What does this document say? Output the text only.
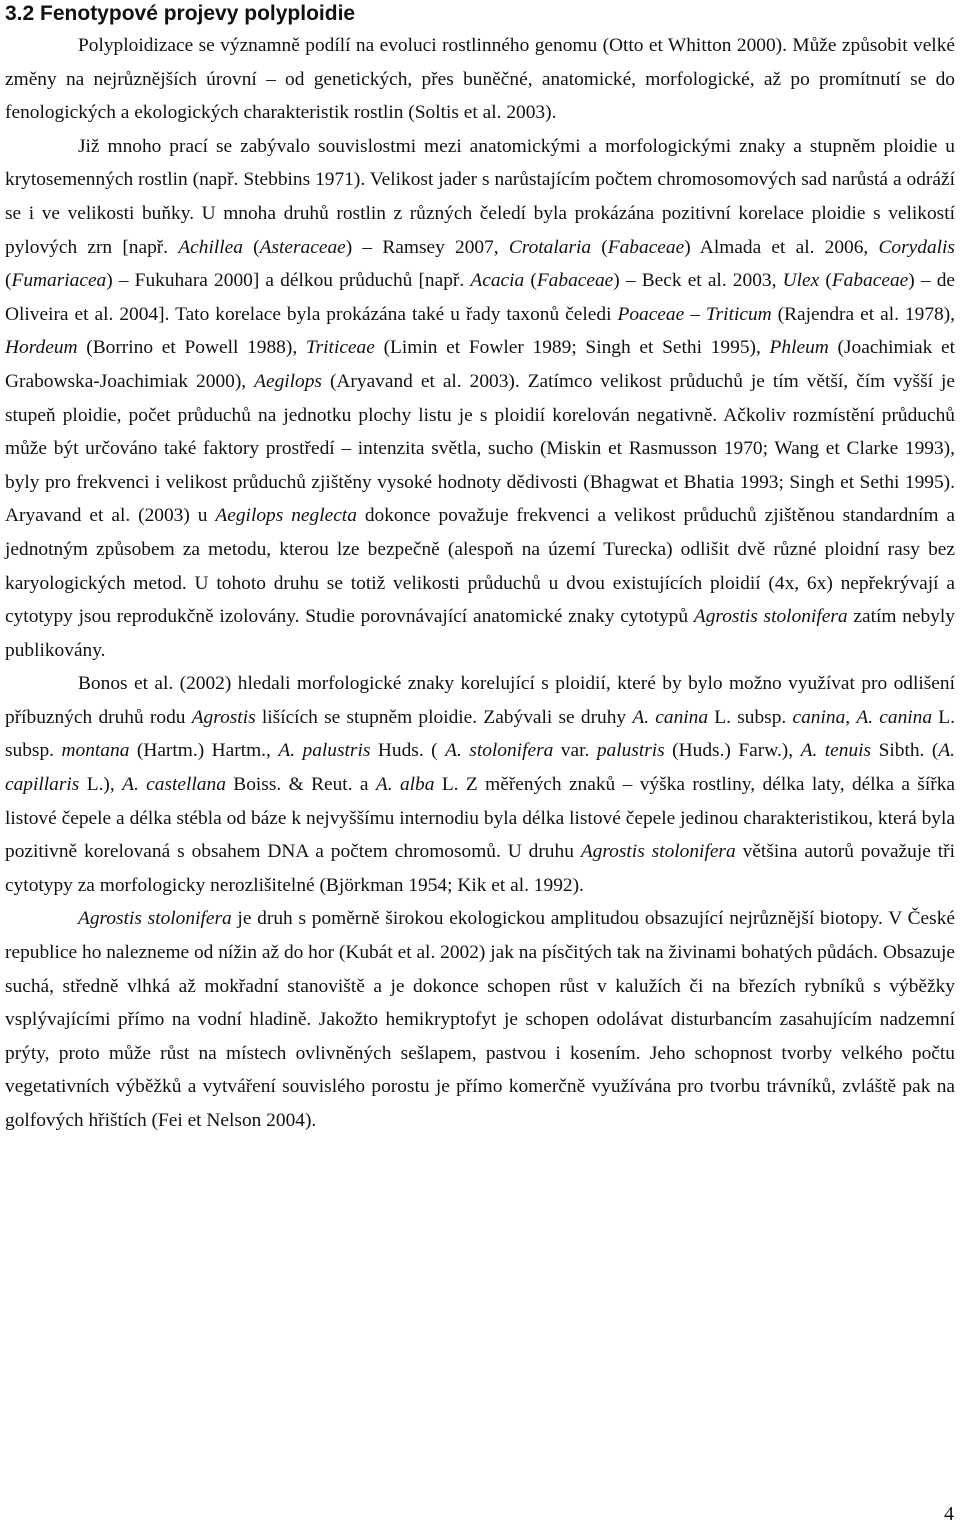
3.2 Fenotypové projevy polyploidie

Polyploidizace se významně podílí na evoluci rostlinného genomu (Otto et Whitton 2000). Může způsobit velké změny na nejrůznějších úrovní – od genetických, přes buněčné, anatomické, morfologické, až po promítnutí se do fenologických a ekologických charakteristik rostlin (Soltis et al. 2003).

Již mnoho prací se zabývalo souvislostmi mezi anatomickými a morfologickými znaky a stupněm ploidie u krytosemenných rostlin (např. Stebbins 1971). Velikost jader s narůstajícím počtem chromosomových sad narůstá a odráží se i ve velikosti buňky. U mnoha druhů rostlin z různých čeledí byla prokázána pozitivní korelace ploidie s velikostí pylových zrn [např. Achillea (Asteraceae) – Ramsey 2007, Crotalaria (Fabaceae) Almada et al. 2006, Corydalis (Fumariacea) – Fukuhara 2000] a délkou průduchů [např. Acacia (Fabaceae) – Beck et al. 2003, Ulex (Fabaceae) – de Oliveira et al. 2004]. Tato korelace byla prokázána také u řady taxonů čeledi Poaceae – Triticum (Rajendra et al. 1978), Hordeum (Borrino et Powell 1988), Triticeae (Limin et Fowler 1989; Singh et Sethi 1995), Phleum (Joachimiak et Grabowska-Joachimiak 2000), Aegilops (Aryavand et al. 2003). Zatímco velikost průduchů je tím větší, čím vyšší je stupeň ploidie, počet průduchů na jednotku plochy listu je s ploidií korelován negativně. Ačkoliv rozmístění průduchů může být určováno také faktory prostředí – intenzita světla, sucho (Miskin et Rasmusson 1970; Wang et Clarke 1993), byly pro frekvenci i velikost průduchů zjištěny vysoké hodnoty dědivosti (Bhagwat et Bhatia 1993; Singh et Sethi 1995). Aryavand et al. (2003) u Aegilops neglecta dokonce považuje frekvenci a velikost průduchů zjištěnou standardním a jednotným způsobem za metodu, kterou lze bezpečně (alespoň na území Turecka) odlišit dvě různé ploidní rasy bez karyologických metod. U tohoto druhu se totiž velikosti průduchů u dvou existujících ploidií (4x, 6x) nepřekrývají a cytotypy jsou reprodukčně izolovány. Studie porovnávající anatomické znaky cytotypů Agrostis stolonifera zatím nebyly publikovány.

Bonos et al. (2002) hledali morfologické znaky korelující s ploidií, které by bylo možno využívat pro odlišení příbuzných druhů rodu Agrostis lišících se stupněm ploidie. Zabývali se druhy A. canina L. subsp. canina, A. canina L. subsp. montana (Hartm.) Hartm., A. palustris Huds. ( A. stolonifera var. palustris (Huds.) Farw.), A. tenuis Sibth. (A. capillaris L.), A. castellana Boiss. & Reut. a A. alba L. Z měřených znaků – výška rostliny, délka laty, délka a šířka listové čepele a délka stébla od báze k nejvyššímu internodiu byla délka listové čepele jedinou charakteristikou, která byla pozitivně korelovaná s obsahem DNA a počtem chromosomů. U druhu Agrostis stolonifera většina autorů považuje tři cytotypy za morfologicky nerozlišitelné (Björkman 1954; Kik et al. 1992).

Agrostis stolonifera je druh s poměrně širokou ekologickou amplitudou obsazující nejrůznější biotopy. V České republice ho nalezneme od nížin až do hor (Kubát et al. 2002) jak na písčitých tak na živinami bohatých půdách. Obsazuje suchá, středně vlhká až mokřadní stanoviště a je dokonce schopen růst v kalužích či na březích rybníků s výběžky vsplývajícími přímo na vodní hladině. Jakožto hemikryptofyt je schopen odolávat disturbancím zasahujícím nadzemní prýty, proto může růst na místech ovlivněných sešlapem, pastvou i kosením. Jeho schopnost tvorby velkého počtu vegetativních výběžků a vytváření souvislého porostu je přímo komerčně využívána pro tvorbu trávníků, zvláště pak na golfových hřištích (Fei et Nelson 2004).

4
